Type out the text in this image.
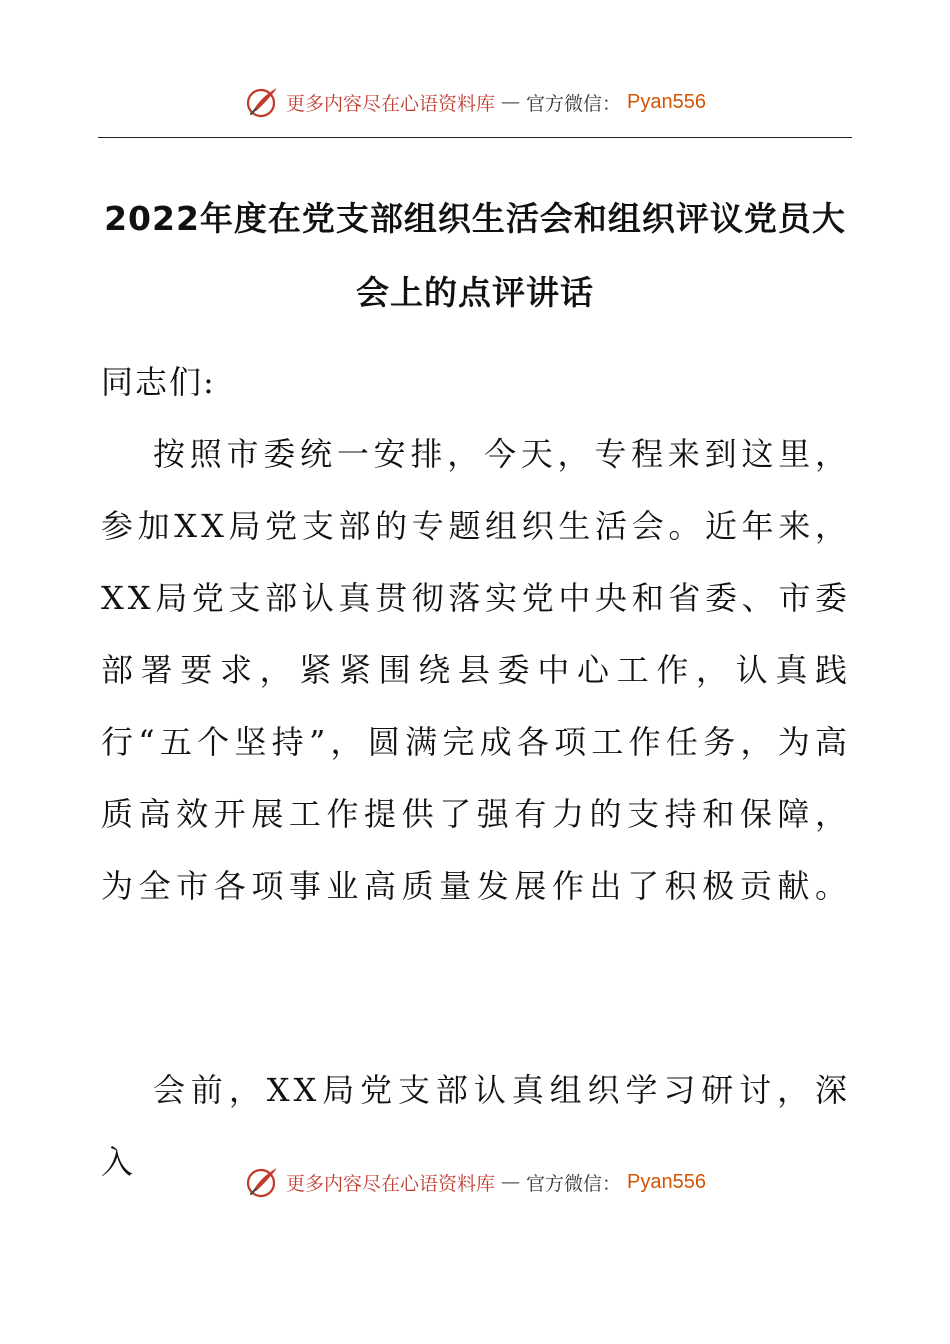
更多内容尽在心语资料库 — 官方微信： Pyan556
2022年度在党支部组织生活会和组织评议党员大会上的点评讲话

同志们:

按照市委统一安排，今天，专程来到这里，参加XX局党支部的专题组织生活会。近年来，XX局党支部认真贯彻落实党中央和省委、市委部署要求，紧紧围绕县委中心工作，认真践行“五个坚持”，圆满完成各项工作任务，为高质高效开展工作提供了强有力的支持和保障，为全市各项事业高质量发展作出了积极贡献。

会前，XX局党支部认真组织学习研讨，深入

更多内容尽在心语资料库 — 官方微信： Pyan556
